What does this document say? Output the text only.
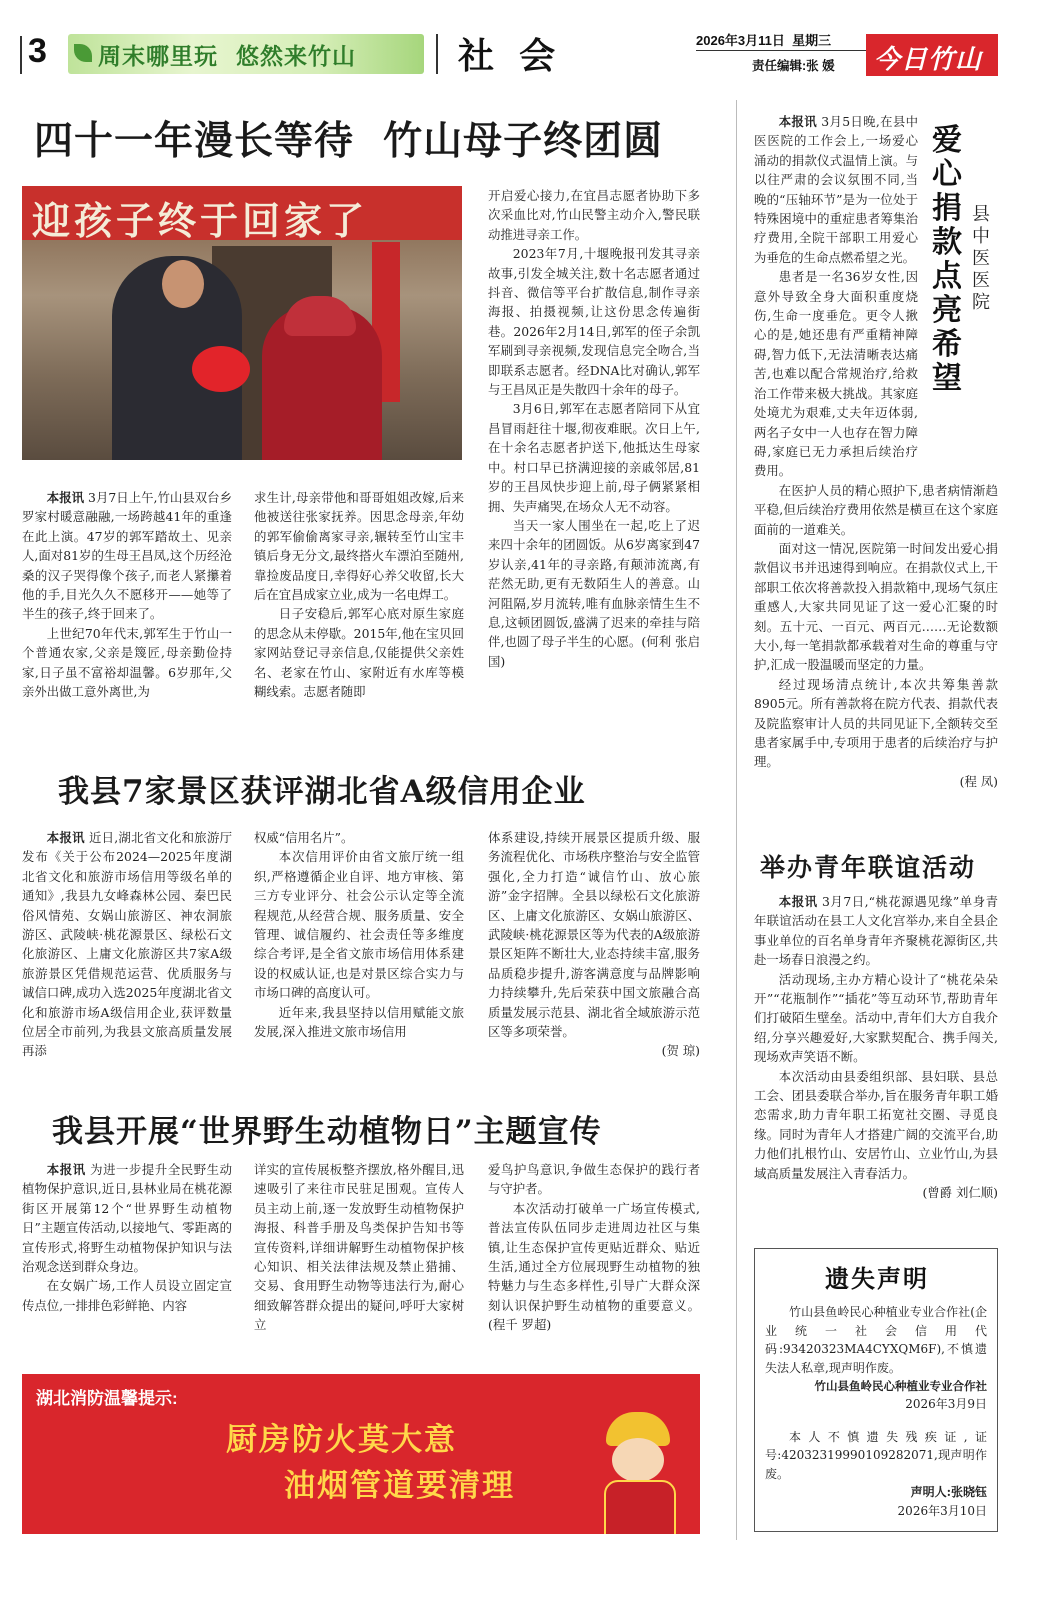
3 周末哪里玩  悠然来竹山	社  会	2026年3月11日  星期三
责任编辑:张 媛 今日竹山
四十一年漫长等待  竹山母子终团圆
迎孩子终于回家了

本报讯 3月7日上午,竹山县双台乡罗家村暖意融融,一场跨越41年的重逢在此上演。47岁的郭军踏故土、见亲人,面对81岁的生母王昌凤,这个历经沧桑的汉子哭得像个孩子,而老人紧攥着他的手,目光久久不愿移开——她等了半生的孩子,终于回来了。

上世纪70年代末,郭军生于竹山一个普通农家,父亲是篾匠,母亲勤俭持家,日子虽不富裕却温馨。6岁那年,父亲外出做工意外离世,为

求生计,母亲带他和哥哥姐姐改嫁,后来他被送往张家抚养。因思念母亲,年幼的郭军偷偷离家寻亲,辗转至竹山宝丰镇后身无分文,最终搭火车漂泊至随州,靠捡废品度日,幸得好心养父收留,长大后在宜昌成家立业,成为一名电焊工。

日子安稳后,郭军心底对原生家庭的思念从未停歇。2015年,他在宝贝回家网站登记寻亲信息,仅能提供父亲姓名、老家在竹山、家附近有水库等模糊线索。志愿者随即

开启爱心接力,在宜昌志愿者协助下多次采血比对,竹山民警主动介入,警民联动推进寻亲工作。

2023年7月,十堰晚报刊发其寻亲故事,引发全城关注,数十名志愿者通过抖音、微信等平台扩散信息,制作寻亲海报、拍摄视频,让这份思念传遍街巷。2026年2月14日,郭军的侄子余凯军刷到寻亲视频,发现信息完全吻合,当即联系志愿者。经DNA比对确认,郭军与王昌凤正是失散四十余年的母子。

3月6日,郭军在志愿者陪同下从宜昌冒雨赶往十堰,彻夜难眠。次日上午,在十余名志愿者护送下,他抵达生母家中。村口早已挤满迎接的亲戚邻居,81岁的王昌凤快步迎上前,母子俩紧紧相拥、失声痛哭,在场众人无不动容。

当天一家人围坐在一起,吃上了迟来四十余年的团圆饭。从6岁离家到47岁认亲,41年的寻亲路,有颠沛流离,有茫然无助,更有无数陌生人的善意。山河阻隔,岁月流转,唯有血脉亲情生生不息,这顿团圆饭,盛满了迟来的牵挂与陪伴,也圆了母子半生的心愿。(何利 张启国)

我县7家景区获评湖北省A级信用企业

本报讯 近日,湖北省文化和旅游厅发布《关于公布2024—2025年度湖北省文化和旅游市场信用等级名单的通知》,我县九女峰森林公园、秦巴民俗风情苑、女娲山旅游区、神农洞旅游区、武陵峡·桃花源景区、绿松石文化旅游区、上庸文化旅游区共7家A级旅游景区凭借规范运营、优质服务与诚信口碑,成功入选2025年度湖北省文化和旅游市场A级信用企业,获评数量位居全市前列,为我县文旅高质量发展再添

权威“信用名片”。

本次信用评价由省文旅厅统一组织,严格遵循企业自评、地方审核、第三方专业评分、社会公示认定等全流程规范,从经营合规、服务质量、安全管理、诚信履约、社会责任等多维度综合考评,是全省文旅市场信用体系建设的权威认证,也是对景区综合实力与市场口碑的高度认可。

近年来,我县坚持以信用赋能文旅发展,深入推进文旅市场信用

体系建设,持续开展景区提质升级、服务流程优化、市场秩序整治与安全监管强化,全力打造“诚信竹山、放心旅游”金字招牌。全县以绿松石文化旅游区、上庸文化旅游区、女娲山旅游区、武陵峡·桃花源景区等为代表的A级旅游景区矩阵不断壮大,业态持续丰富,服务品质稳步提升,游客满意度与品牌影响力持续攀升,先后荣获中国文旅融合高质量发展示范县、湖北省全域旅游示范区等多项荣誉。
(贺 琼)

我县开展“世界野生动植物日”主题宣传

本报讯 为进一步提升全民野生动植物保护意识,近日,县林业局在桃花源街区开展第12个“世界野生动植物日”主题宣传活动,以接地气、零距离的宣传形式,将野生动植物保护知识与法治观念送到群众身边。

在女娲广场,工作人员设立固定宣传点位,一排排色彩鲜艳、内容

详实的宣传展板整齐摆放,格外醒目,迅速吸引了来往市民驻足围观。宣传人员主动上前,逐一发放野生动植物保护海报、科普手册及鸟类保护告知书等宣传资料,详细讲解野生动植物保护核心知识、相关法律法规及禁止猎捕、交易、食用野生动物等违法行为,耐心细致解答群众提出的疑问,呼吁大家树立

爱鸟护鸟意识,争做生态保护的践行者与守护者。

本次活动打破单一广场宣传模式,普法宣传队伍同步走进周边社区与集镇,让生态保护宣传更贴近群众、贴近生活,通过全方位展现野生动植物的独特魅力与生态多样性,引导广大群众深刻认识保护野生动植物的重要意义。(程千 罗超)

湖北消防温馨提示:
厨房防火莫大意
油烟管道要清理
爱心捐款 点亮希望
县中医医院

本报讯 3月5日晚,在县中医医院的工作会上,一场爱心涌动的捐款仪式温情上演。与以往严肃的会议氛围不同,当晚的“压轴环节”是为一位处于特殊困境中的重症患者筹集治疗费用,全院干部职工用爱心为垂危的生命点燃希望之光。

患者是一名36岁女性,因意外导致全身大面积重度烧伤,生命一度垂危。更令人揪心的是,她还患有严重精神障碍,智力低下,无法清晰表达痛苦,也难以配合常规治疗,给救治工作带来极大挑战。其家庭处境尤为艰难,丈夫年迈体弱,两名子女中一人也存在智力障碍,家庭已无力承担后续治疗费用。

在医护人员的精心照护下,患者病情渐趋平稳,但后续治疗费用依然是横亘在这个家庭面前的一道难关。

面对这一情况,医院第一时间发出爱心捐款倡议书并迅速得到响应。在捐款仪式上,干部职工依次将善款投入捐款箱中,现场气氛庄重感人,大家共同见证了这一爱心汇聚的时刻。五十元、一百元、两百元……无论数额大小,每一笔捐款都承载着对生命的尊重与守护,汇成一股温暖而坚定的力量。

经过现场清点统计,本次共筹集善款8905元。所有善款将在院方代表、捐款代表及院监察审计人员的共同见证下,全额转交至患者家属手中,专项用于患者的后续治疗与护理。
(程 凤)

举办青年联谊活动

本报讯 3月7日,“桃花源遇见缘”单身青年联谊活动在县工人文化宫举办,来自全县企事业单位的百名单身青年齐聚桃花源街区,共赴一场春日浪漫之约。

活动现场,主办方精心设计了“桃花朵朵开”“花瓶制作”“插花”等互动环节,帮助青年们打破陌生壁垒。活动中,青年们大方自我介绍,分享兴趣爱好,大家默契配合、携手闯关,现场欢声笑语不断。

本次活动由县委组织部、县妇联、县总工会、团县委联合举办,旨在服务青年职工婚恋需求,助力青年职工拓宽社交圈、寻觅良缘。同时为青年人才搭建广阔的交流平台,助力他们扎根竹山、安居竹山、立业竹山,为县域高质量发展注入青春活力。
(曾爵 刘仁顺)

遗失声明

竹山县鱼岭民心种植业专业合作社(企业统一社会信用代码:93420323MA4CYXQM6F),不慎遗失法人私章,现声明作废。

竹山县鱼岭民心种植业专业合作社

2026年3月9日

本人不慎遗失残疾证,证号:420323199901092820​71,现声明作废。

声明人:张晓钰

2026年3月10日
